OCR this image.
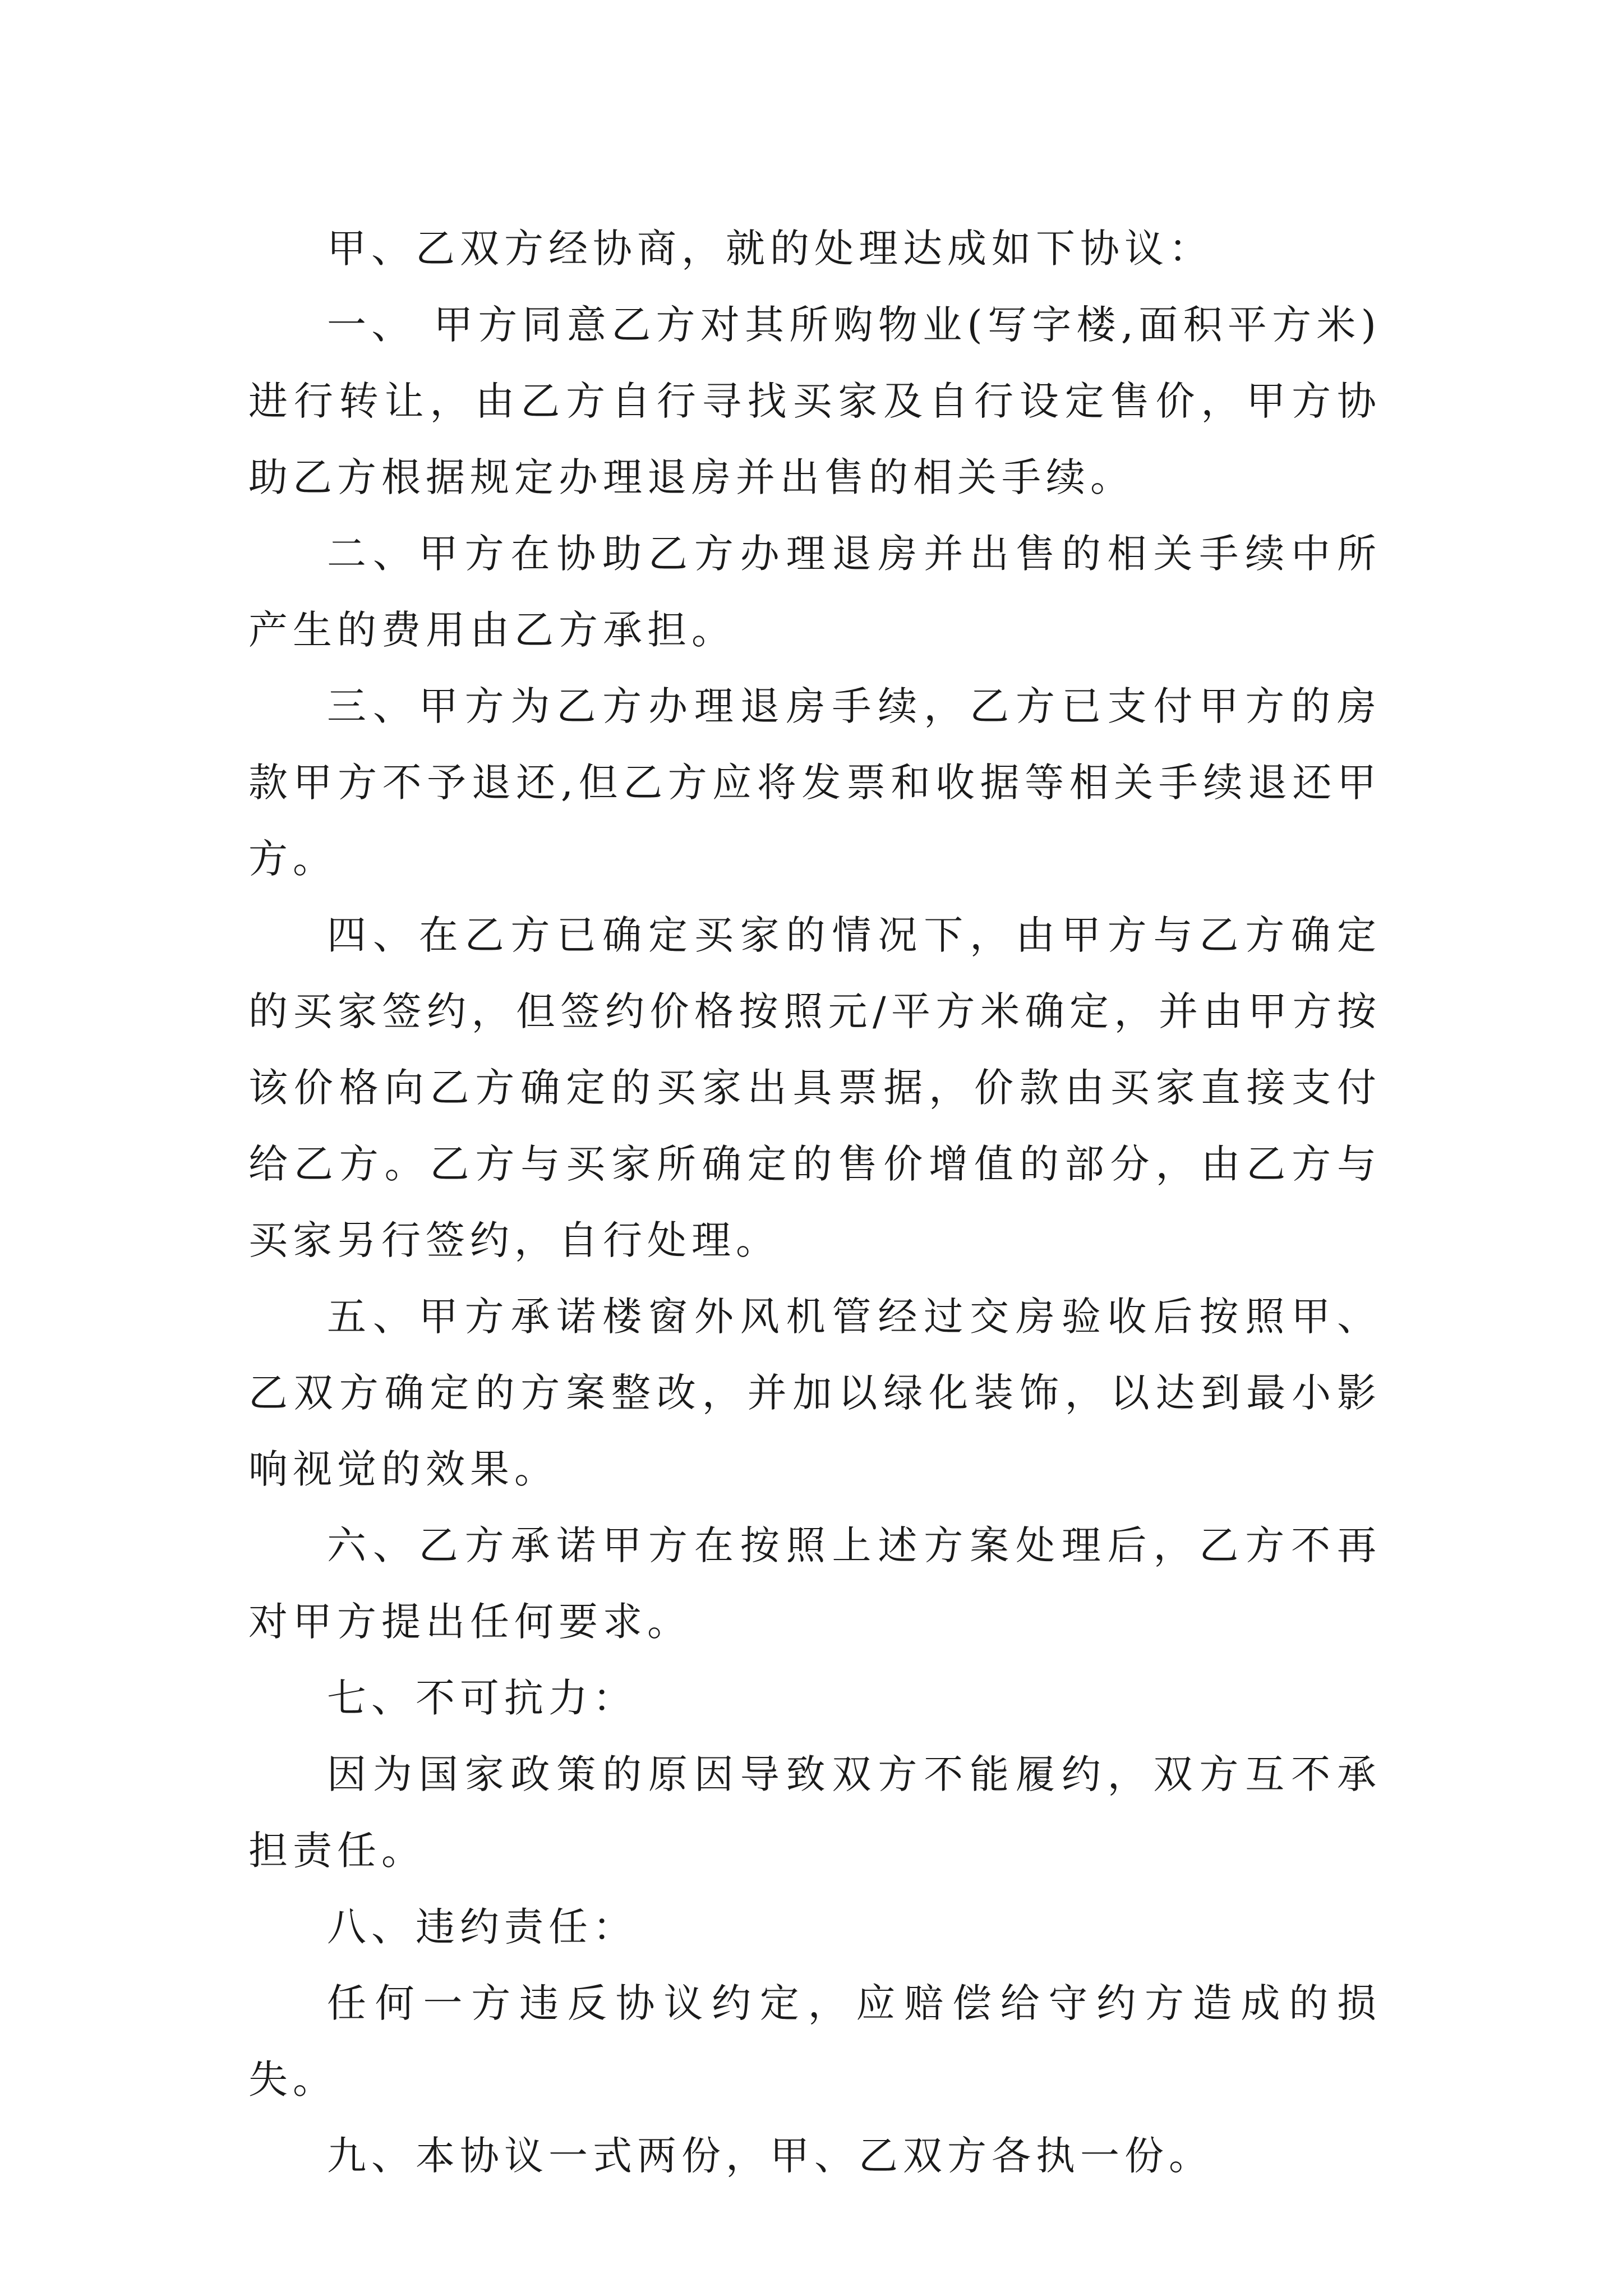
甲、乙双方经协商，就的处理达成如下协议：

一、 甲方同意乙方对其所购物业(写字楼,面积平方米)进行转让，由乙方自行寻找买家及自行设定售价，甲方协助乙方根据规定办理退房并出售的相关手续。

二、甲方在协助乙方办理退房并出售的相关手续中所产生的费用由乙方承担。

三、甲方为乙方办理退房手续，乙方已支付甲方的房款甲方不予退还,但乙方应将发票和收据等相关手续退还甲方。

四、在乙方已确定买家的情况下，由甲方与乙方确定的买家签约，但签约价格按照元/平方米确定，并由甲方按该价格向乙方确定的买家出具票据，价款由买家直接支付给乙方。乙方与买家所确定的售价增值的部分，由乙方与买家另行签约，自行处理。

五、甲方承诺楼窗外风机管经过交房验收后按照甲、乙双方确定的方案整改，并加以绿化装饰，以达到最小影响视觉的效果。

六、乙方承诺甲方在按照上述方案处理后，乙方不再对甲方提出任何要求。

七、不可抗力：

因为国家政策的原因导致双方不能履约，双方互不承担责任。

八、违约责任：

任何一方违反协议约定，应赔偿给守约方造成的损失。

九、本协议一式两份，甲、乙双方各执一份。
